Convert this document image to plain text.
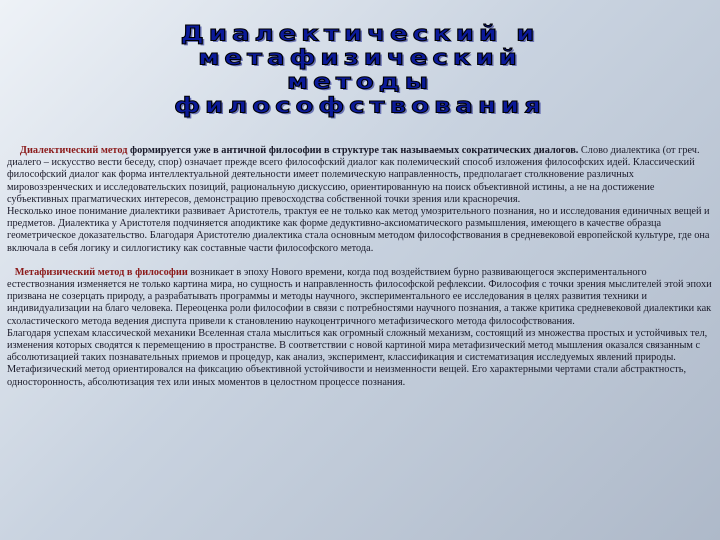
Диалектический и
метафизический
методы
философствования

Диалектический метод формируется уже в античной философии в структуре так называемых сократических диалогов. Слово диалектика (от греч. диалего – искусство вести беседу, спор) означает прежде всего философский диалог как полемический способ изложения философских идей. Классический философский диалог как форма интеллектуальной деятельности имеет полемическую направленность, предполагает столкновение различных мировоззренческих и исследовательских позиций, рациональную дискуссию, ориентированную на поиск объективной истины, а не на достижение субъективных прагматических интересов, демонстрацию превосходства собственной точки зрения или красноречия.

Несколько иное понимание диалектики развивает Аристотель, трактуя ее не только как метод умозрительного познания, но и исследования единичных вещей и предметов. Диалектика у Аристотеля подчиняется аподиктике как форме дедуктивно-аксиоматического размышления, имеющего в качестве образца геометрическое доказательство. Благодаря Аристотелю диалектика стала основным методом философствования в средневековой европейской культуре, где она включала в себя логику и силлогистику как составные части философского метода.

Метафизический метод в философии возникает в эпоху Нового времени, когда под воздействием бурно развивающегося экспериментального естествознания изменяется не только картина мира, но сущность и направленность философской рефлексии. Философия с точки зрения мыслителей этой эпохи призвана не созерцать природу, а разрабатывать программы и методы научного, экспериментального ее исследования в целях развития техники и индивидуализации на благо человека. Переоценка роли философии в связи с потребностями научного познания, а также критика средневековой диалектики как схоластического метода ведения диспута привели к становлению наукоцентричного метафизического метода философствования.

Благодаря успехам классической механики Вселенная стала мыслиться как огромный сложный механизм, состоящий из множества простых и устойчивых тел, изменения которых сводятся к перемещению в пространстве. В соответствии с новой картиной мира метафизический метод мышления оказался связанным с абсолютизацией таких познавательных приемов и процедур, как анализ, эксперимент, классификация и систематизация исследуемых явлений природы. Метафизический метод ориентировался на фиксацию объективной устойчивости и неизменности вещей. Его характерными чертами стали абстрактность, односторонность, абсолютизация тех или иных моментов в целостном процессе познания.
